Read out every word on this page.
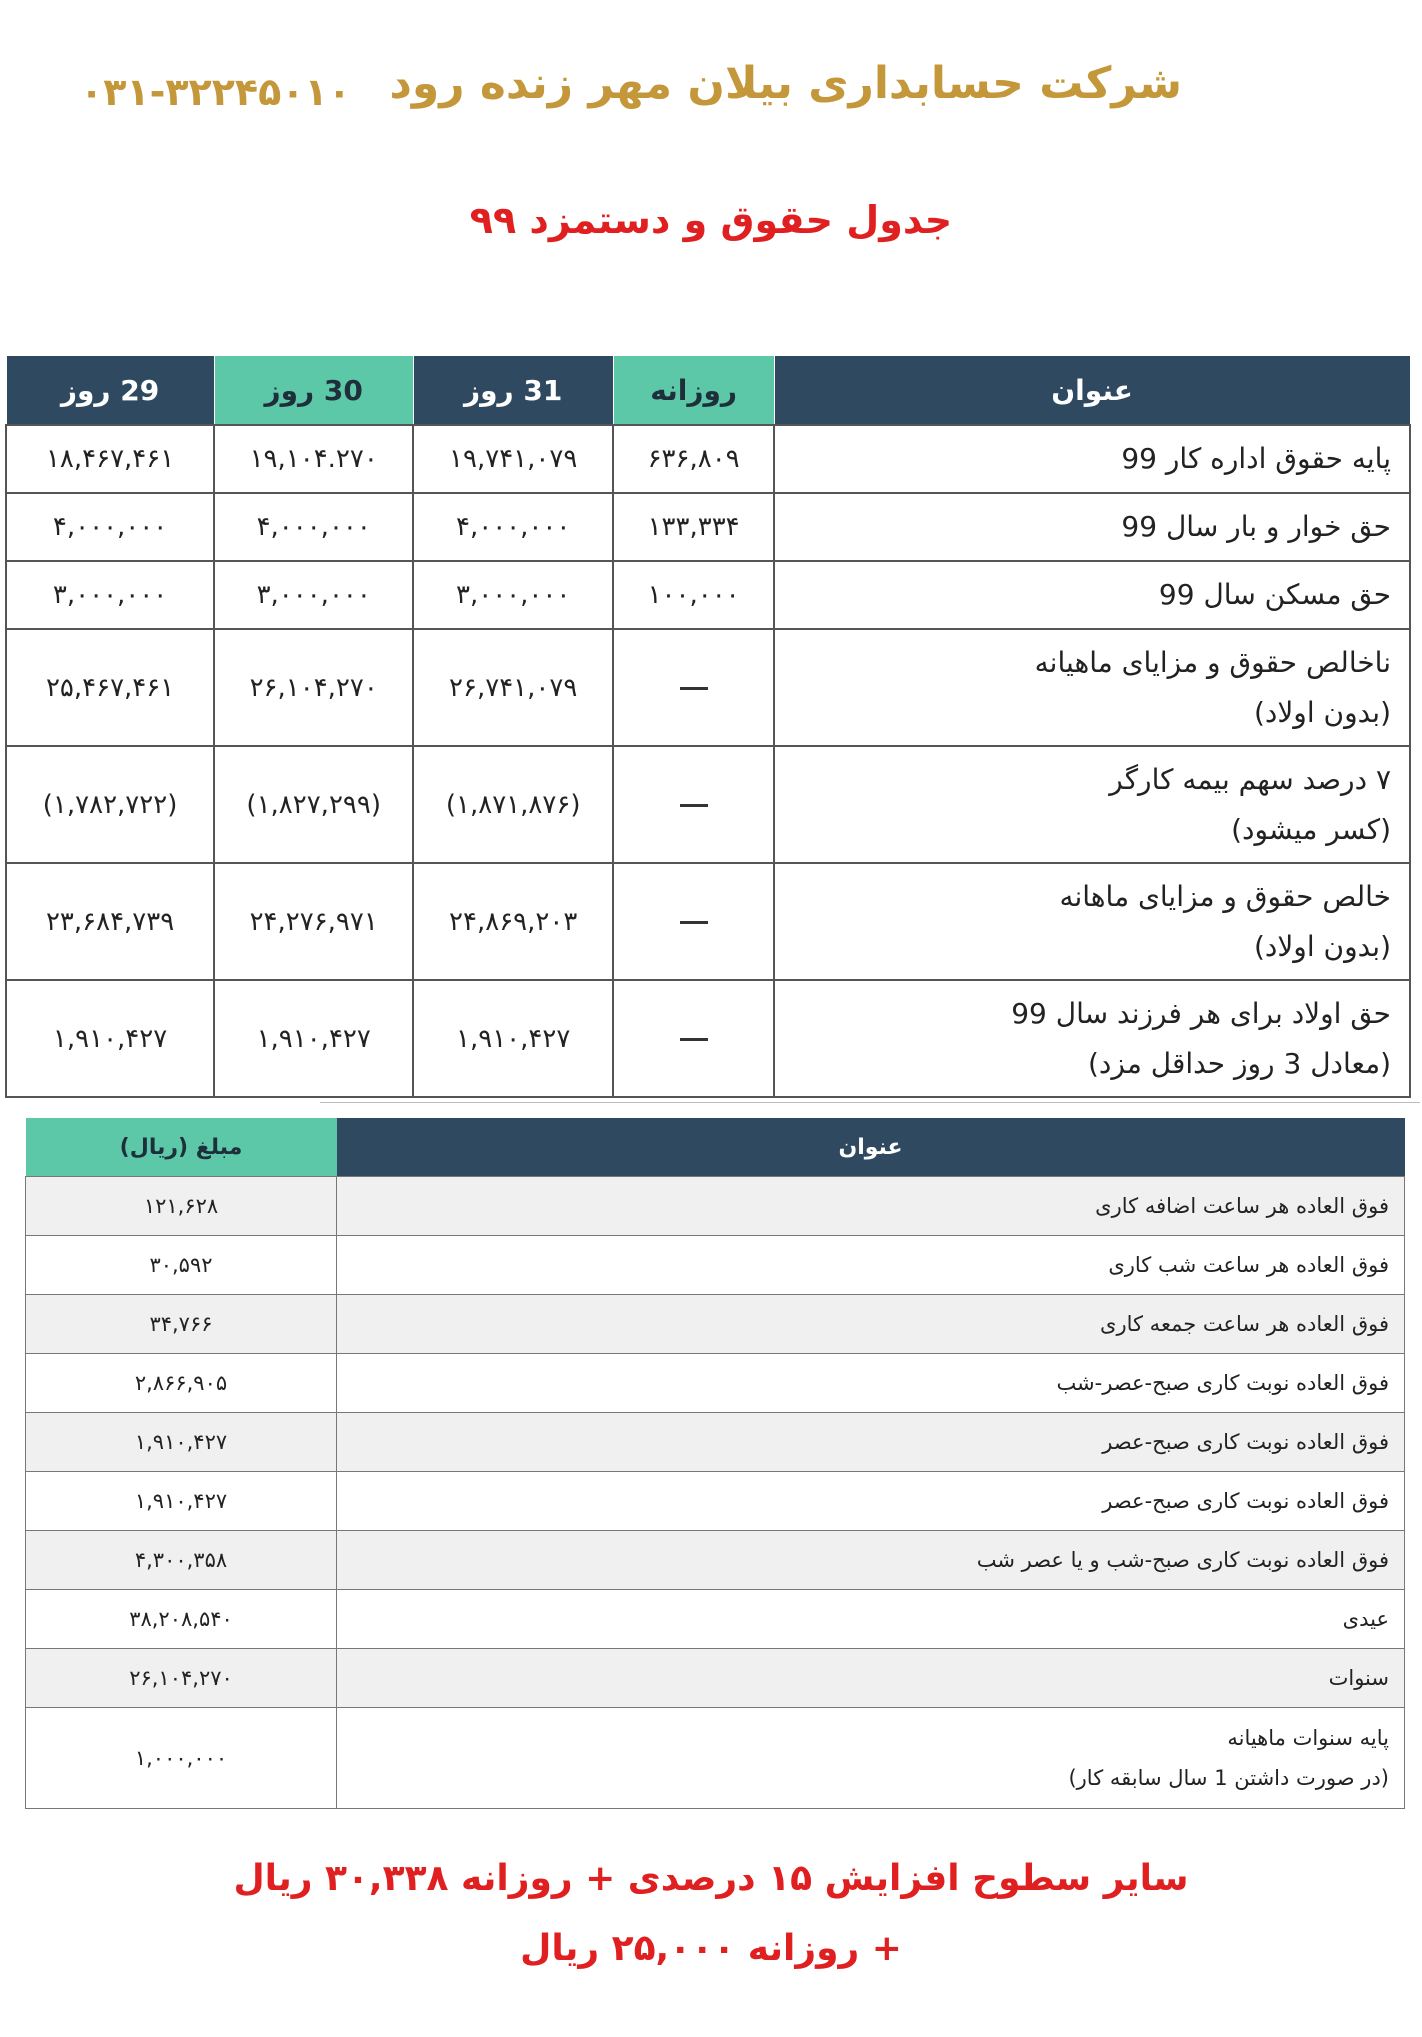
شرکت حسابداری بیلان مهر زنده رود
۰۳۱-۳۲۲۴۵۰۱۰
جدول حقوق و دستمزد ۹۹
عنوان	روزانه	31 روز	30 روز	29 روز
پایه حقوق اداره کار 99	۶۳۶,۸۰۹	۱۹,۷۴۱,۰۷۹	۱۹,۱۰۴.۲۷۰	۱۸,۴۶۷,۴۶۱
حق خوار و بار سال 99	۱۳۳,۳۳۴	۴,۰۰۰,۰۰۰	۴,۰۰۰,۰۰۰	۴,۰۰۰,۰۰۰
حق مسکن سال 99	۱۰۰,۰۰۰	۳,۰۰۰,۰۰۰	۳,۰۰۰,۰۰۰	۳,۰۰۰,۰۰۰

ناخالص حقوق و مزایای ماهیانه
(بدون اولاد)		۲۶,۷۴۱,۰۷۹	۲۶,۱۰۴,۲۷۰	۲۵,۴۶۷,۴۶۱

۷ درصد سهم بیمه کارگر
(کسر میشود)		(۱,۸۷۱,۸۷۶)	(۱,۸۲۷,۲۹۹)	(۱,۷۸۲,۷۲۲)

خالص حقوق و مزایای ماهانه
(بدون اولاد)		۲۴,۸۶۹,۲۰۳	۲۴,۲۷۶,۹۷۱	۲۳,۶۸۴,۷۳۹

حق اولاد برای هر فرزند سال 99
(معادل 3 روز حداقل مزد)		۱,۹۱۰,۴۲۷	۱,۹۱۰,۴۲۷	۱,۹۱۰,۴۲۷
عنوان	مبلغ (ریال)
فوق العاده هر ساعت اضافه کاری	۱۲۱,۶۲۸
فوق العاده هر ساعت شب کاری	۳۰,۵۹۲
فوق العاده هر ساعت جمعه کاری	۳۴,۷۶۶
فوق العاده نوبت کاری صبح-عصر-شب	۲,۸۶۶,۹۰۵
فوق العاده نوبت کاری صبح-عصر	۱,۹۱۰,۴۲۷
فوق العاده نوبت کاری صبح-عصر	۱,۹۱۰,۴۲۷
فوق العاده نوبت کاری صبح-شب و یا عصر شب	۴,۳۰۰,۳۵۸
عیدی	۳۸,۲۰۸,۵۴۰
سنوات	۲۶,۱۰۴,۲۷۰

پایه سنوات ماهیانه
(در صورت داشتن 1 سال سابقه کار)	۱,۰۰۰,۰۰۰
سایر سطوح افزایش ۱۵ درصدی + روزانه ۳۰,۳۳۸ ریال
+ روزانه ۲۵,۰۰۰ ریال
